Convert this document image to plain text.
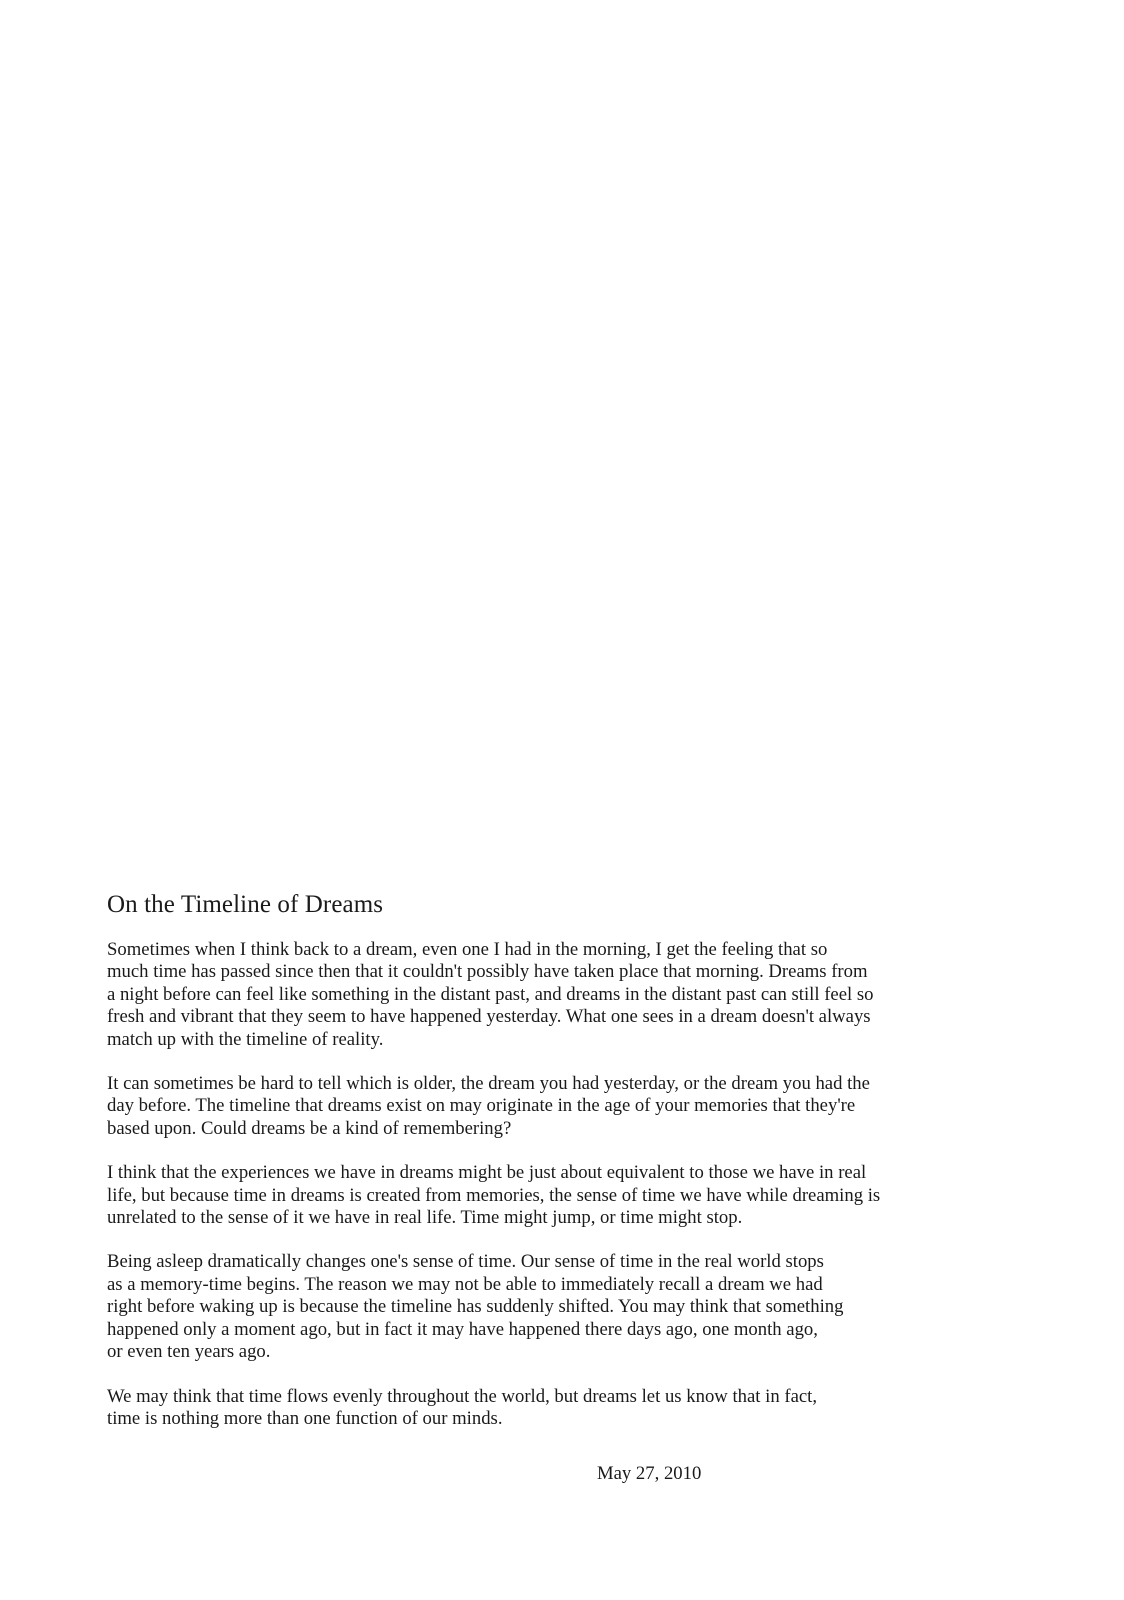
On the Timeline of Dreams

Sometimes when I think back to a dream, even one I had in the morning, I get the feeling that so
much time has passed since then that it couldn't possibly have taken place that morning. Dreams from
a night before can feel like something in the distant past, and dreams in the distant past can still feel so
fresh and vibrant that they seem to have happened yesterday. What one sees in a dream doesn't always
match up with the timeline of reality.

It can sometimes be hard to tell which is older, the dream you had yesterday, or the dream you had the
day before. The timeline that dreams exist on may originate in the age of your memories that they're
based upon. Could dreams be a kind of remembering?

I think that the experiences we have in dreams might be just about equivalent to those we have in real
life, but because time in dreams is created from memories, the sense of time we have while dreaming is
unrelated to the sense of it we have in real life. Time might jump, or time might stop.

Being asleep dramatically changes one's sense of time. Our sense of time in the real world stops
as a memory-time begins. The reason we may not be able to immediately recall a dream we had
right before waking up is because the timeline has suddenly shifted. You may think that something
happened only a moment ago, but in fact it may have happened there days ago, one month ago,
or even ten years ago.

We may think that time flows evenly throughout the world, but dreams let us know that in fact,
time is nothing more than one function of our minds.

May 27, 2010
